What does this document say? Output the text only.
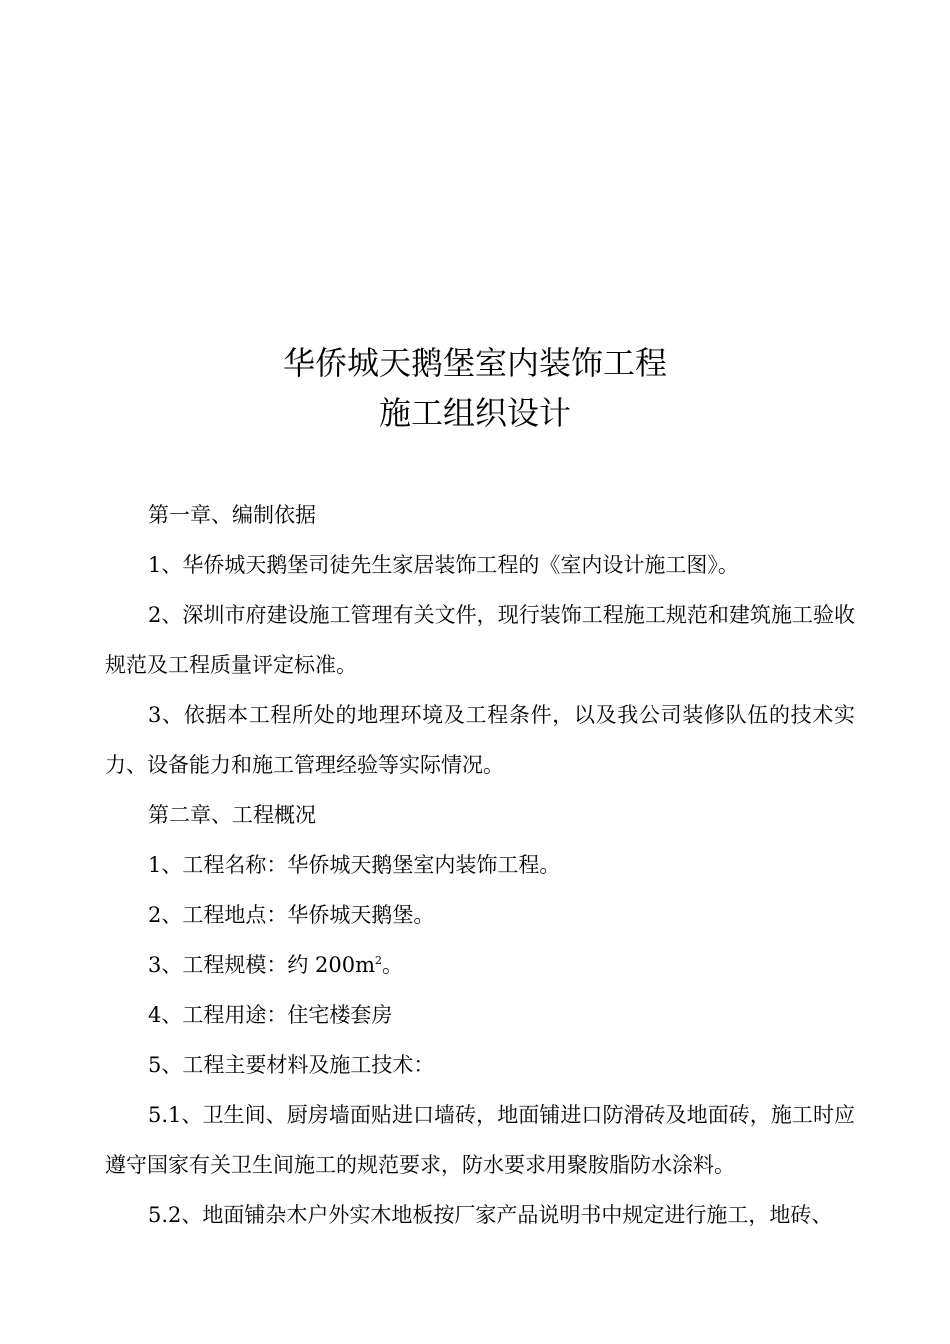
华侨城天鹅堡室内装饰工程
施工组织设计

第一章、编制依据

1、华侨城天鹅堡司徒先生家居装饰工程的《室内设计施工图》。

2、深圳市府建设施工管理有关文件，现行装饰工程施工规范和建筑施工验收规范及工程质量评定标准。

3、依据本工程所处的地理环境及工程条件，以及我公司装修队伍的技术实力、设备能力和施工管理经验等实际情况。

第二章、工程概况

1、工程名称：华侨城天鹅堡室内装饰工程。

2、工程地点：华侨城天鹅堡。

3、工程规模：约 $200m^2$。

4、工程用途：住宅楼套房

5、工程主要材料及施工技术：

5.1、卫生间、厨房墙面贴进口墙砖，地面铺进口防滑砖及地面砖，施工时应遵守国家有关卫生间施工的规范要求，防水要求用聚胺脂防水涂料。

5.2、地面铺杂木户外实木地板按厂家产品说明书中规定进行施工，地砖、
